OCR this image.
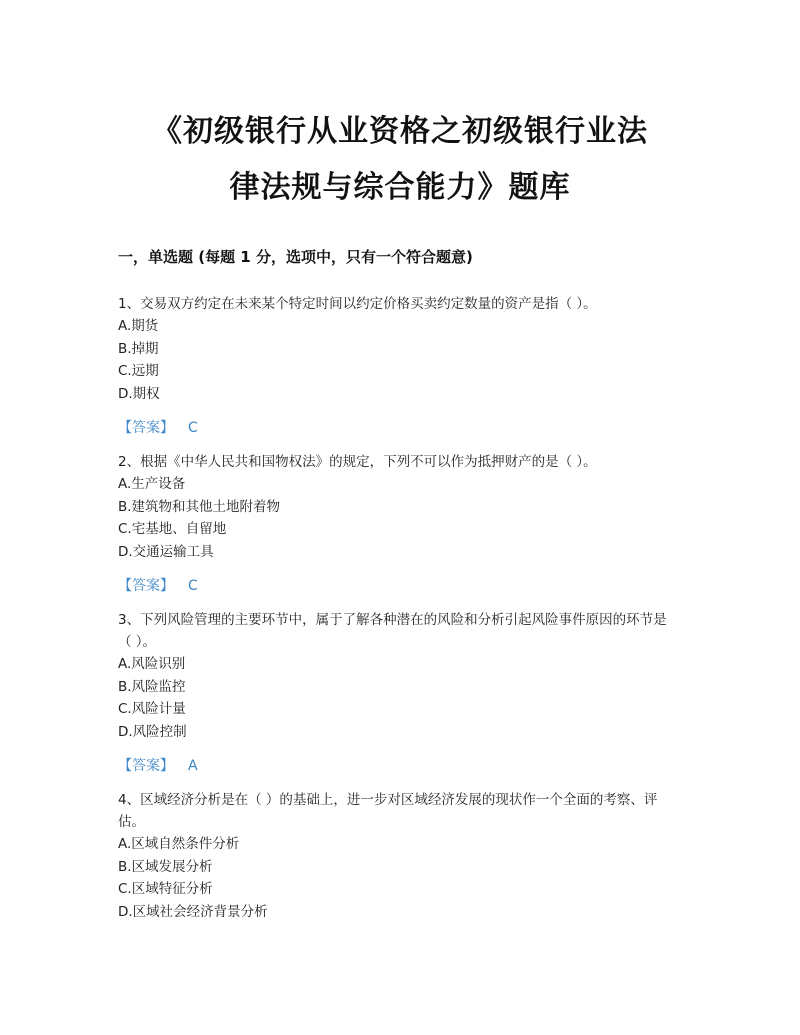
《初级银行从业资格之初级银行业法
律法规与综合能力》题库
一，单选题 (每题 1 分，选项中，只有一个符合题意)
1、交易双方约定在未来某个特定时间以约定价格买卖约定数量的资产是指（ ）。
A.期货
B.掉期
C.远期
D.期权
【答案】 C
2、根据《中华人民共和国物权法》的规定，下列不可以作为抵押财产的是（ ）。
A.生产设备
B.建筑物和其他土地附着物
C.宅基地、自留地
D.交通运输工具
【答案】 C
3、下列风险管理的主要环节中，属于了解各种潜在的风险和分析引起风险事件原因的环节是（ ）。
A.风险识别
B.风险监控
C.风险计量
D.风险控制
【答案】 A
4、区域经济分析是在（ ）的基础上，进一步对区域经济发展的现状作一个全面的考察、评估。
A.区域自然条件分析
B.区域发展分析
C.区域特征分析
D.区域社会经济背景分析
